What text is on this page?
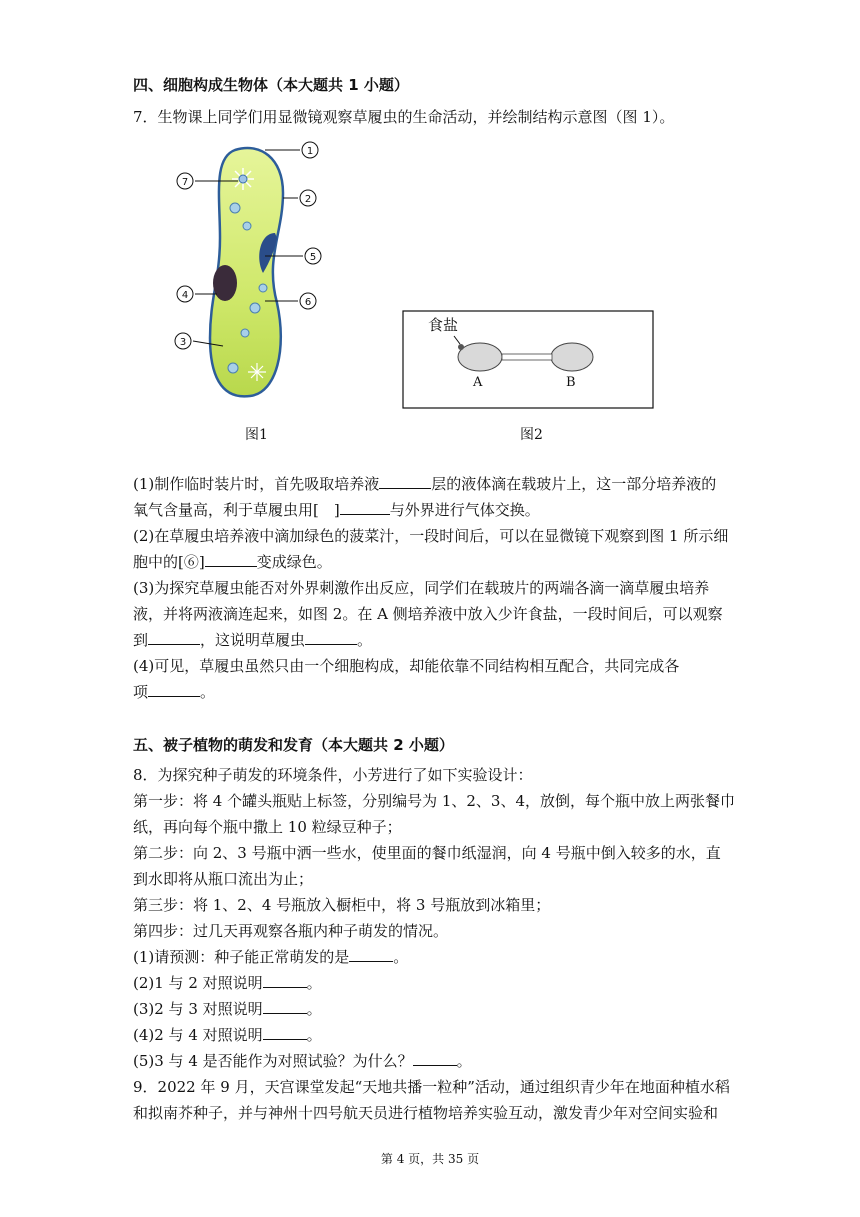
四、细胞构成生物体（本大题共 1 小题）
7．生物课上同学们用显微镜观察草履虫的生命活动，并绘制结构示意图（图 1）。
1
7
2
5
4
6
3
图1
食盐
A	B
图2
(1)制作临时装片时，首先吸取培养液	层的液体滴在载玻片上，这一部分培养液的
氧气含量高，利于草履虫用[　]	与外界进行气体交换。
(2)在草履虫培养液中滴加绿色的菠菜汁，一段时间后，可以在显微镜下观察到图 1 所示细
胞中的[⑥]	变成绿色。
(3)为探究草履虫能否对外界刺激作出反应，同学们在载玻片的两端各滴一滴草履虫培养
液，并将两液滴连起来，如图 2。在 A 侧培养液中放入少许食盐，一段时间后，可以观察
到	，这说明草履虫	。
(4)可见，草履虫虽然只由一个细胞构成，却能依靠不同结构相互配合，共同完成各
项	。
五、被子植物的萌发和发育（本大题共 2 小题）
8．为探究种子萌发的环境条件，小芳进行了如下实验设计：
第一步：将 4 个罐头瓶贴上标签，分别编号为 1、2、3、4，放倒，每个瓶中放上两张餐巾
纸，再向每个瓶中撒上 10 粒绿豆种子；
第二步：向 2、3 号瓶中洒一些水，使里面的餐巾纸湿润，向 4 号瓶中倒入较多的水，直
到水即将从瓶口流出为止；
第三步：将 1、2、4 号瓶放入橱柜中，将 3 号瓶放到冰箱里；
第四步：过几天再观察各瓶内种子萌发的情况。
(1)请预测：种子能正常萌发的是	。
(2)1 与 2 对照说明	。
(3)2 与 3 对照说明	。
(4)2 与 4 对照说明	。
(5)3 与 4 是否能作为对照试验？为什么？	。
9．2022 年 9 月，天宫课堂发起“天地共播一粒种”活动，通过组织青少年在地面种植水稻
和拟南芥种子，并与神州十四号航天员进行植物培养实验互动，激发青少年对空间实验和
第 4 页，共 35 页
